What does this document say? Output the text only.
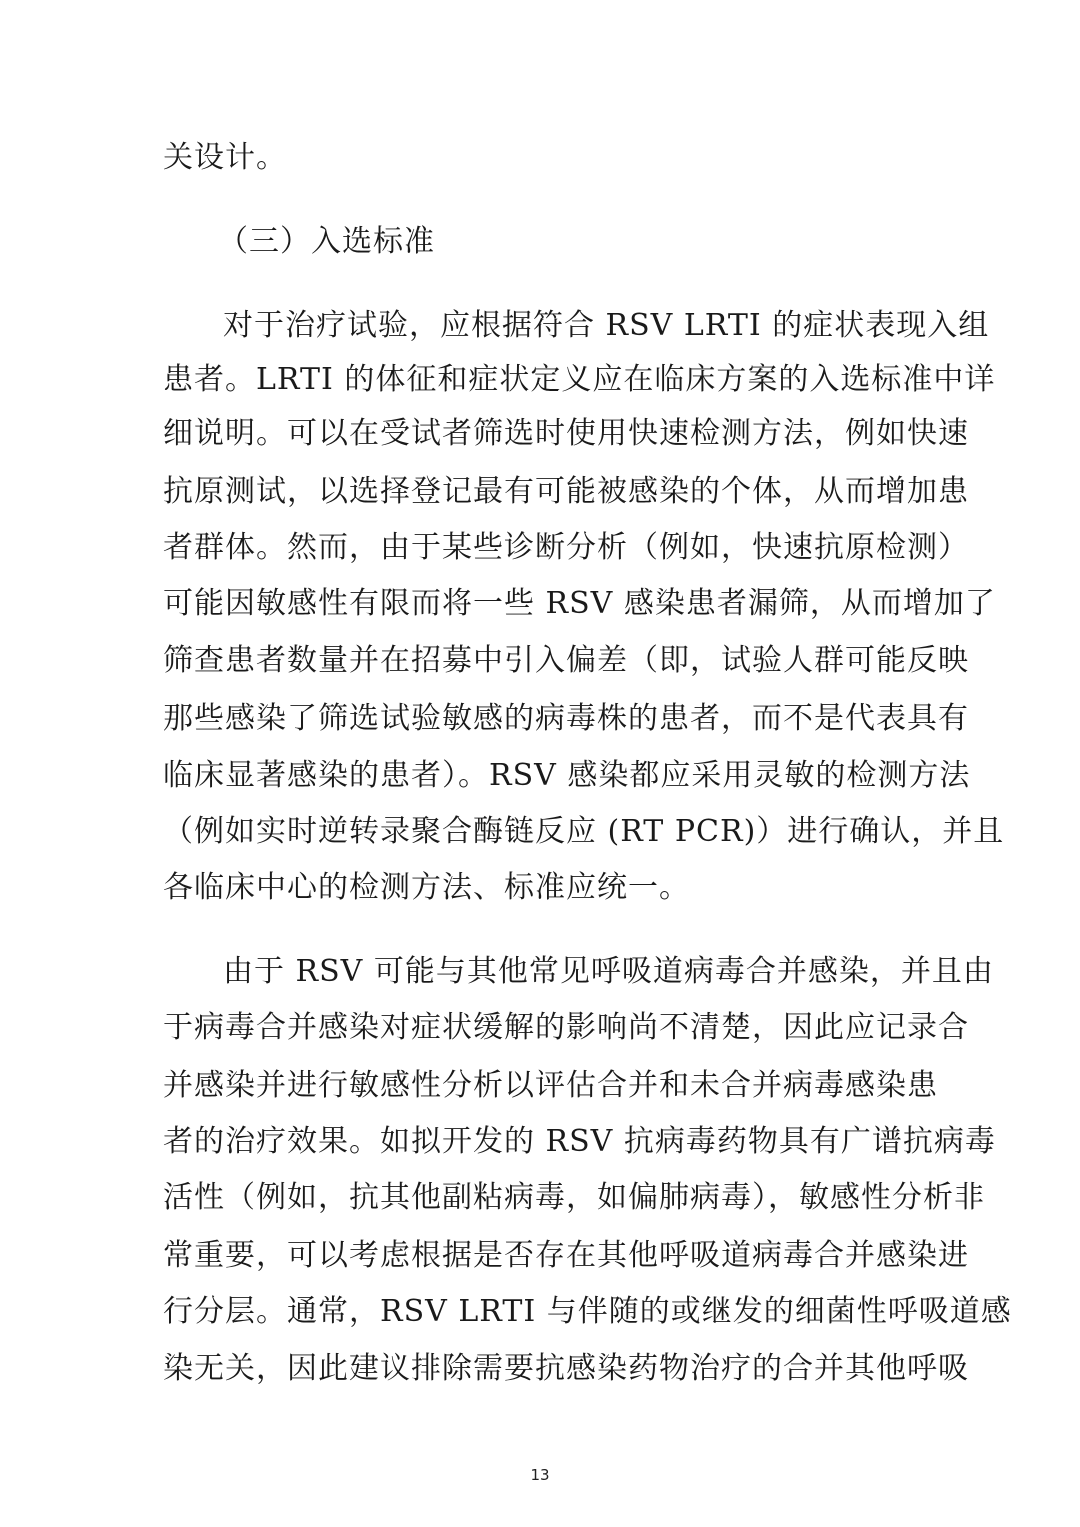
关设计。
（三）入选标准
对于治疗试验，应根据符合 RSV LRTI 的症状表现入组
患者。LRTI 的体征和症状定义应在临床方案的入选标准中详
细说明。可以在受试者筛选时使用快速检测方法，例如快速
抗原测试，以选择登记最有可能被感染的个体，从而增加患
者群体。然而，由于某些诊断分析（例如，快速抗原检测）
可能因敏感性有限而将一些 RSV 感染患者漏筛，从而增加了
筛查患者数量并在招募中引入偏差（即，试验人群可能反映
那些感染了筛选试验敏感的病毒株的患者，而不是代表具有
临床显著感染的患者）。RSV 感染都应采用灵敏的检测方法
（例如实时逆转录聚合酶链反应 (RT PCR)）进行确认，并且
各临床中心的检测方法、标准应统一。
由于 RSV 可能与其他常见呼吸道病毒合并感染，并且由
于病毒合并感染对症状缓解的影响尚不清楚，因此应记录合
并感染并进行敏感性分析以评估合并和未合并病毒感染患
者的治疗效果。如拟开发的 RSV 抗病毒药物具有广谱抗病毒
活性（例如，抗其他副粘病毒，如偏肺病毒），敏感性分析非
常重要，可以考虑根据是否存在其他呼吸道病毒合并感染进
行分层。通常，RSV LRTI 与伴随的或继发的细菌性呼吸道感
染无关，因此建议排除需要抗感染药物治疗的合并其他呼吸
13
